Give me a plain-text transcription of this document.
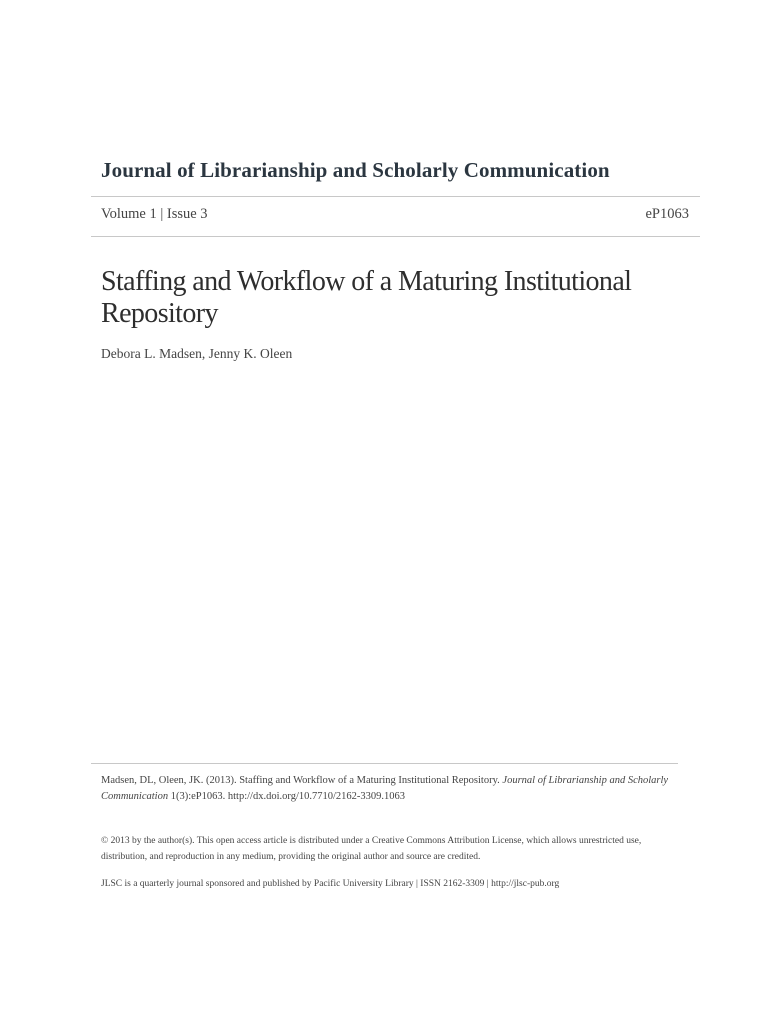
Journal of Librarianship and Scholarly Communication
Volume 1 | Issue 3	eP1063
Staffing and Workflow of a Maturing Institutional Repository
Debora L. Madsen, Jenny K. Oleen
Madsen, DL, Oleen, JK. (2013). Staffing and Workflow of a Maturing Institutional Repository. Journal of Librarianship and Scholarly Communication 1(3):eP1063. http://dx.doi.org/10.7710/2162-3309.1063
© 2013 by the author(s). This open access article is distributed under a Creative Commons Attribution License, which allows unrestricted use, distribution, and reproduction in any medium, providing the original author and source are credited.
JLSC is a quarterly journal sponsored and published by Pacific University Library | ISSN 2162-3309 | http://jlsc-pub.org
